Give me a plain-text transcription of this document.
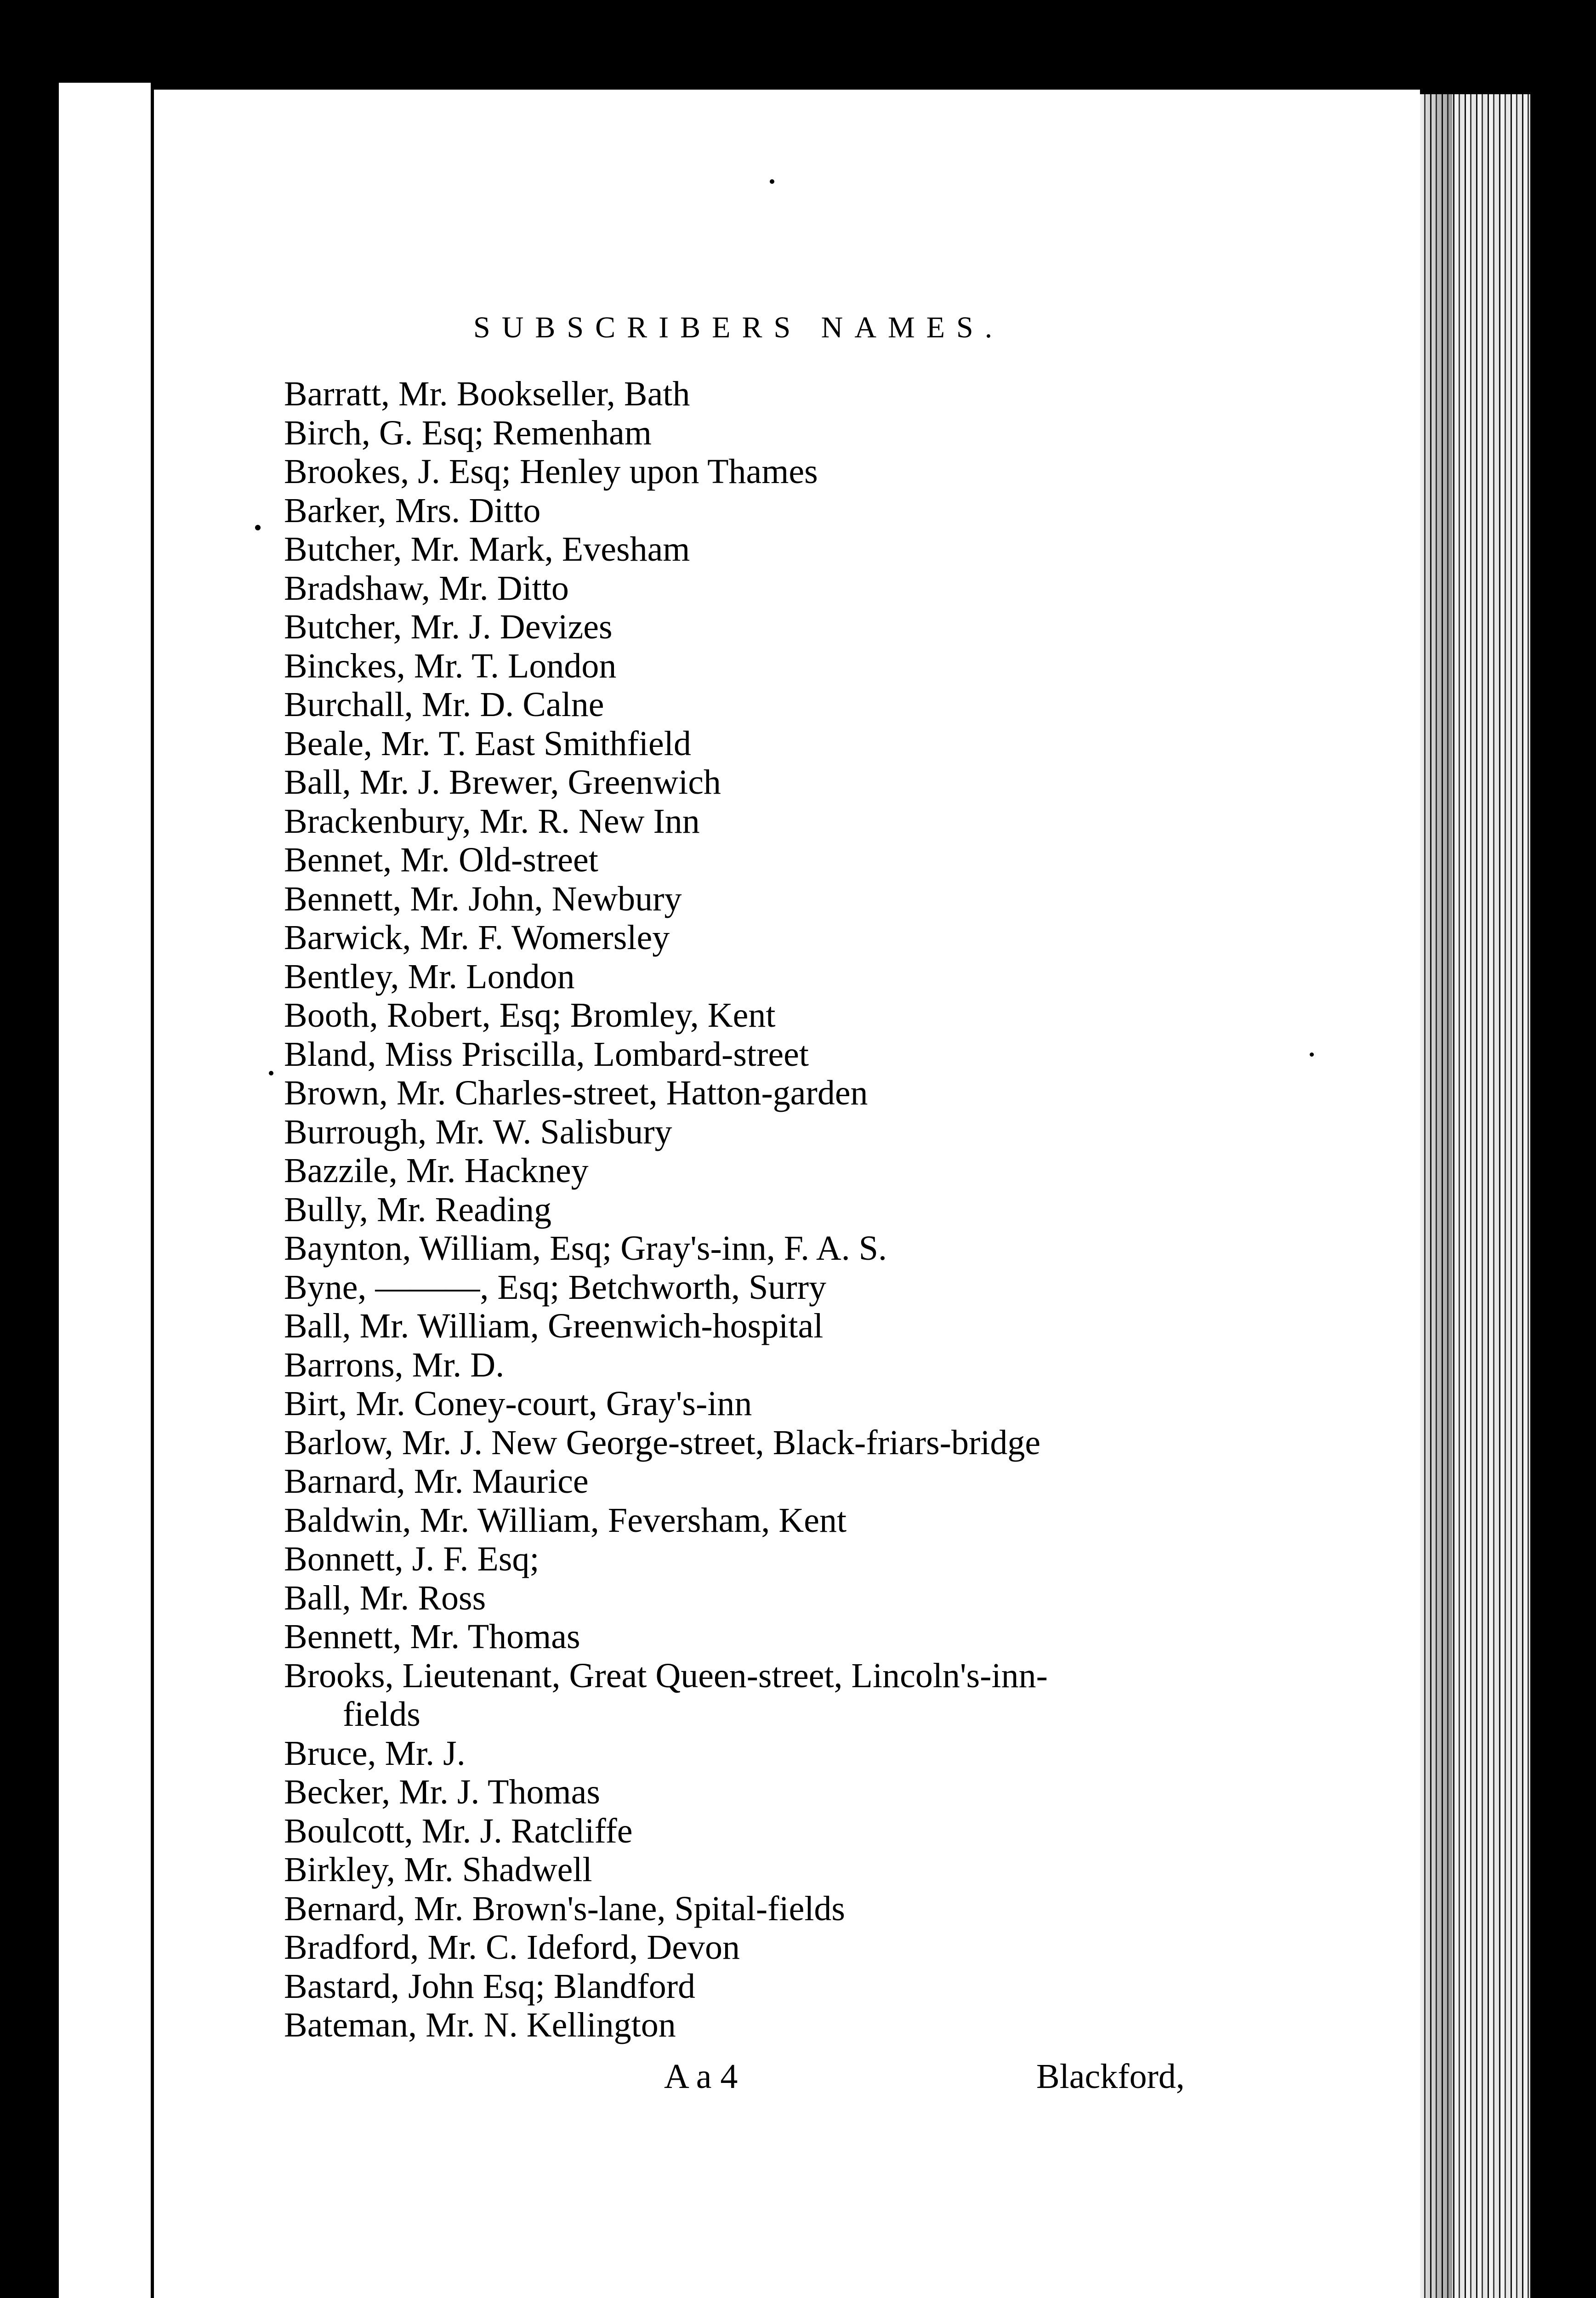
SUBSCRIBERS NAMES.
Barratt, Mr. Bookseller, Bath
Birch, G. Esq; Remenham
Brookes, J. Esq; Henley upon Thames
Barker, Mrs. Ditto
Butcher, Mr. Mark, Evesham
Bradshaw, Mr. Ditto
Butcher, Mr. J. Devizes
Binckes, Mr. T. London
Burchall, Mr. D. Calne
Beale, Mr. T. East Smithfield
Ball, Mr. J. Brewer, Greenwich
Brackenbury, Mr. R. New Inn
Bennet, Mr. Old-street
Bennett, Mr. John, Newbury
Barwick, Mr. F. Womersley
Bentley, Mr. London
Booth, Robert, Esq; Bromley, Kent
Bland, Miss Priscilla, Lombard-street
Brown, Mr. Charles-street, Hatton-garden
Burrough, Mr. W. Salisbury
Bazzile, Mr. Hackney
Bully, Mr. Reading
Baynton, William, Esq; Gray's-inn, F. A. S.
Byne, ———, Esq; Betchworth, Surry
Ball, Mr. William, Greenwich-hospital
Barrons, Mr. D.
Birt, Mr. Coney-court, Gray's-inn
Barlow, Mr. J. New George-street, Black-friars-bridge
Barnard, Mr. Maurice
Baldwin, Mr. William, Feversham, Kent
Bonnett, J. F. Esq;
Ball, Mr. Ross
Bennett, Mr. Thomas
Brooks, Lieutenant, Great Queen-street, Lincoln's-inn-
fields
Bruce, Mr. J.
Becker, Mr. J. Thomas
Boulcott, Mr. J. Ratcliffe
Birkley, Mr. Shadwell
Bernard, Mr. Brown's-lane, Spital-fields
Bradford, Mr. C. Ideford, Devon
Bastard, John Esq; Blandford
Bateman, Mr. N. Kellington
A a 4	Blackford,
